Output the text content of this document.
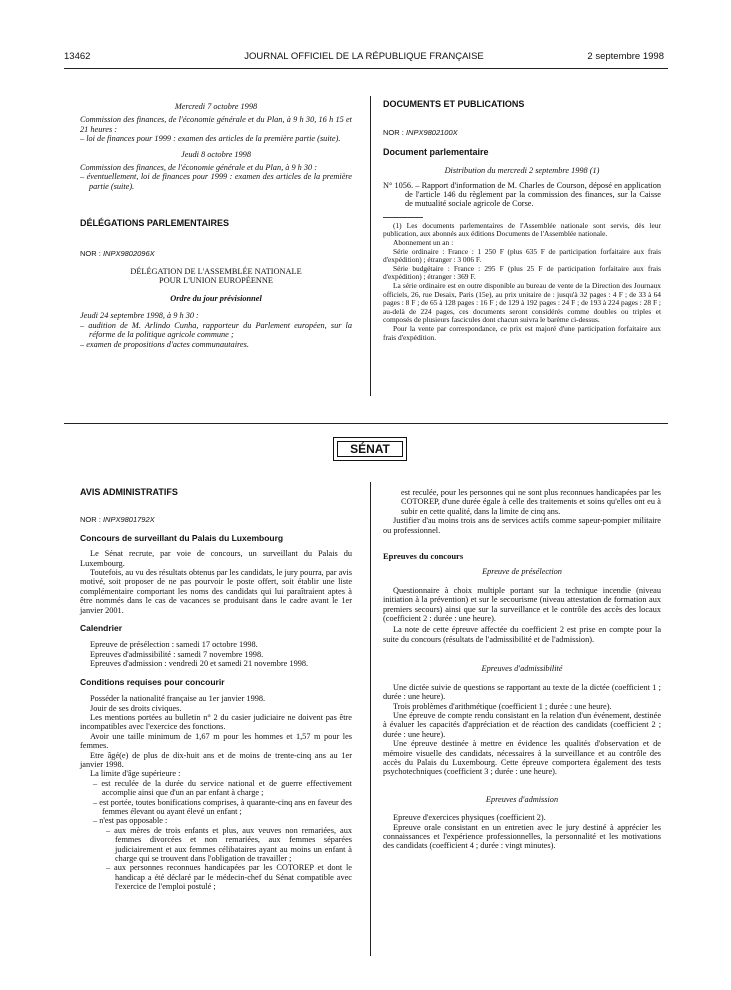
13462	JOURNAL OFFICIEL DE LA RÉPUBLIQUE FRANÇAISE	2 septembre 1998

Mercredi 7 octobre 1998

Commission des finances, de l'économie générale et du Plan, à 9 h 30, 16 h 15 et 21 heures :

– loi de finances pour 1999 : examen des articles de la première partie (suite).

Jeudi 8 octobre 1998

Commission des finances, de l'économie générale et du Plan, à 9 h 30 :

– éventuellement, loi de finances pour 1999 : examen des articles de la première partie (suite).

DÉLÉGATIONS PARLEMENTAIRES

NOR : INPX9802096X

DÉLÉGATION DE L'ASSEMBLÉE NATIONALE POUR L'UNION EUROPÉENNE

Ordre du jour prévisionnel

Jeudi 24 septembre 1998, à 9 h 30 :

– audition de M. Arlindo Cunha, rapporteur du Parlement européen, sur la réforme de la politique agricole commune ;

– examen de propositions d'actes communautaires.

DOCUMENTS ET PUBLICATIONS

NOR : INPX9802100X

Document parlementaire

Distribution du mercredi 2 septembre 1998 (1)

N° 1056. – Rapport d'information de M. Charles de Courson, déposé en application de l'article 146 du règlement par la commission des finances, sur la Caisse de mutualité sociale agricole de Corse.

(1) Les documents parlementaires de l'Assemblée nationale sont servis, dès leur publication, aux abonnés aux éditions Documents de l'Assemblée nationale.

Abonnement un an :

Série ordinaire : France : 1 250 F (plus 635 F de participation forfaitaire aux frais d'expédition) ; étranger : 3 006 F.

Série budgétaire : France : 295 F (plus 25 F de participation forfaitaire aux frais d'expédition) ; étranger : 369 F.

La série ordinaire est en outre disponible au bureau de vente de la Direction des Journaux officiels, 26, rue Desaix, Paris (15e), au prix unitaire de : jusqu'à 32 pages : 4 F ; de 33 à 64 pages : 8 F ; de 65 à 128 pages : 16 F ; de 129 à 192 pages : 24 F ; de 193 à 224 pages : 28 F ; au-delà de 224 pages, ces documents seront considérés comme doubles ou triples et composés de plusieurs fascicules dont chacun suivra le barème ci-dessus.

Pour la vente par correspondance, ce prix est majoré d'une participation forfaitaire aux frais d'expédition.

SÉNAT

AVIS ADMINISTRATIFS

NOR : INPX9801792X

Concours de surveillant du Palais du Luxembourg

Le Sénat recrute, par voie de concours, un surveillant du Palais du Luxembourg.

Toutefois, au vu des résultats obtenus par les candidats, le jury pourra, par avis motivé, soit proposer de ne pas pourvoir le poste offert, soit établir une liste complémentaire comportant les noms des candidats qui lui paraîtraient aptes à être nommés dans le cas de vacances se produisant dans le cadre avant le 1er janvier 2001.

Calendrier

Epreuve de présélection : samedi 17 octobre 1998.

Epreuves d'admissibilité : samedi 7 novembre 1998.

Epreuves d'admission : vendredi 20 et samedi 21 novembre 1998.

Conditions requises pour concourir

Posséder la nationalité française au 1er janvier 1998.

Jouir de ses droits civiques.

Les mentions portées au bulletin n° 2 du casier judiciaire ne doivent pas être incompatibles avec l'exercice des fonctions.

Avoir une taille minimum de 1,67 m pour les hommes et 1,57 m pour les femmes.

Etre âgé(e) de plus de dix-huit ans et de moins de trente-cinq ans au 1er janvier 1998.

La limite d'âge supérieure :

– est reculée de la durée du service national et de guerre effectivement accomplie ainsi que d'un an par enfant à charge ;

– est portée, toutes bonifications comprises, à quarante-cinq ans en faveur des femmes élevant ou ayant élevé un enfant ;

– n'est pas opposable :

– aux mères de trois enfants et plus, aux veuves non remariées, aux femmes divorcées et non remariées, aux femmes séparées judiciairement et aux femmes célibataires ayant au moins un enfant à charge qui se trouvent dans l'obligation de travailler ;

– aux personnes reconnues handicapées par les COTOREP et dont le handicap a été déclaré par le médecin-chef du Sénat compatible avec l'exercice de l'emploi postulé ;

est reculée, pour les personnes qui ne sont plus reconnues handicapées par les COTOREP, d'une durée égale à celle des traitements et soins qu'elles ont eu à subir en cette qualité, dans la limite de cinq ans.

Justifier d'au moins trois ans de services actifs comme sapeur-pompier militaire ou professionnel.

Epreuves du concours

Epreuve de présélection

Questionnaire à choix multiple portant sur la technique incendie (niveau initiation à la prévention) et sur le secourisme (niveau attestation de formation aux premiers secours) ainsi que sur la surveillance et le contrôle des accès des locaux (coefficient 2 : durée : une heure).

La note de cette épreuve affectée du coefficient 2 est prise en compte pour la suite du concours (résultats de l'admissibilité et de l'admission).

Epreuves d'admissibilité

Une dictée suivie de questions se rapportant au texte de la dictée (coefficient 1 ; durée : une heure).

Trois problèmes d'arithmétique (coefficient 1 ; durée : une heure).

Une épreuve de compte rendu consistant en la relation d'un événement, destinée à évaluer les capacités d'appréciation et de réaction des candidats (coefficient 2 ; durée : une heure).

Une épreuve destinée à mettre en évidence les qualités d'observation et de mémoire visuelle des candidats, nécessaires à la surveillance et au contrôle des accès du Palais du Luxembourg. Cette épreuve comportera également des tests psychotechniques (coefficient 3 ; durée : une heure).

Epreuves d'admission

Epreuve d'exercices physiques (coefficient 2).

Epreuve orale consistant en un entretien avec le jury destiné à apprécier les connaissances et l'expérience professionnelles, la personnalité et les motivations des candidats (coefficient 4 ; durée : vingt minutes).
